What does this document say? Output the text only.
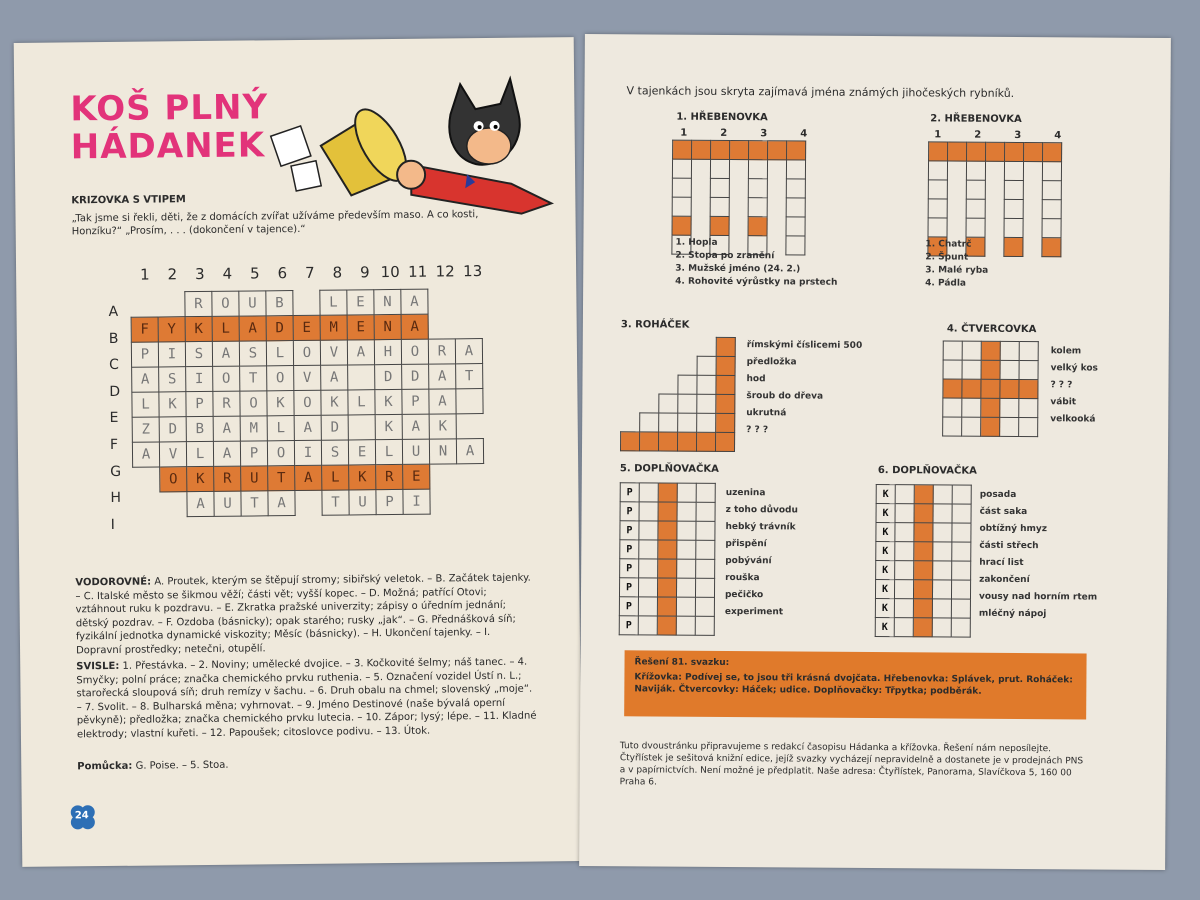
KOŠ PLNÝ
HÁDANEK
KRIZOVKA S VTIPEM
„Tak jsme si řekli, děti, že z domácích zvířat užíváme především maso. A co kosti, Honzíku?“ „Prosím, . . . (dokončení v tajence).“
1 2 3 4 5 6 7 8 9 10 11 12 13
A
B
C
D
E
F
G
H
I
		R	O	U	B		L	E	N	A		
F	Y	K	L	A	D	E	M	E	N	A		
P	I	S	A	S	L	O	V	A	H	O	R	A
A	S	I	O	T	O	V	A		D	D	A	T
L	K	P	R	O	K	O	K	L	K	P	A	
Z	D	B	A	M	L	A	D		K	A	K	
A	V	L	A	P	O	I	S	E	L	U	N	A
	O	K	R	U	T	A	L	K	R	E		
		A	U	T	A		T	U	P	I		
VODOROVNÉ: A. Proutek, kterým se štěpují stromy; sibiřský veletok. – B. Začátek tajenky. – C. Italské město se šikmou věží; části vět; vyšší kopec. – D. Možná; patřící Otovi; vztáhnout ruku k pozdravu. – E. Zkratka pražské univerzity; zápisy o úředním jednání; dětský pozdrav. – F. Ozdoba (básnicky); opak starého; rusky „jak“. – G. Přednášková síň; fyzikální jednotka dynamické viskozity; Měsíc (básnicky). – H. Ukončení tajenky. – I. Dopravní prostředky; netečni, otupělí.
SVISLE: 1. Přestávka. – 2. Noviny; umělecké dvojice. – 3. Kočkovité šelmy; náš tanec. – 4. Smyčky; polní práce; značka chemického prvku ruthenia. – 5. Označení vozidel Ústí n. L.; starořecká sloupová síň; druh remízy v šachu. – 6. Druh obalu na chmel; slovenský „moje“. – 7. Svolit. – 8. Bulharská měna; vyhrnovat. – 9. Jméno Destinové (naše bývalá operní pěvkyně); předložka; značka chemického prvku lutecia. – 10. Zápor; lysý; lépe. – 11. Kladné elektrody; vlastní kuřeti. – 12. Papoušek; citoslovce podivu. – 13. Útok.
Pomůcka: G. Poise. – 5. Stoa.
24
V tajenkách jsou skryta zajímavá jména známých jihočeských rybníků.
1. HŘEBENOVKA
1	2	3	4

1. Hopla
2. Stopa po zranění
3. Mužské jméno (24. 2.)
4. Rohovité výrůstky na prstech
2. HŘEBENOVKA
1	2	3	4

1. Chatrč
2. Špunt
3. Malé ryba
4. Pádla
3. ROHÁČEK

římskými číslicemi 500
předložka
hod
šroub do dřeva
ukrutná
? ? ?
4. ČTVERCOVKA

kolem
velký kos
? ? ?
vábit
velkooká
5. DOPLŇOVAČKA
P				
P				
P				
P				
P				
P				
P				
P				
uzenina
z toho důvodu
hebký trávník
přispění
pobývání
rouška
pečičko
experiment
6. DOPLŇOVAČKA
K				
K				
K				
K				
K				
K				
K				
K				
posada
část saka
obtížný hmyz
části střech
hrací list
zakončení
vousy nad horním rtem
mléčný nápoj
Řešení 81. svazku:
Křížovka: Podívej se, to jsou tři krásná dvojčata. Hřebenovka: Splávek, prut. Roháček: Naviják. Čtvercovky: Háček; udice. Doplňovačky: Třpytka; podběrák.
Tuto dvoustránku připravujeme s redakcí časopisu Hádanka a křížovka. Řešení nám neposílejte. Čtyřlístek je sešitová knižní edice, jejíž svazky vycházejí nepravidelně a dostanete je v prodejnách PNS a v papírnictvích. Není možné je předplatit. Naše adresa: Čtyřlístek, Panorama, Slavíčkova 5, 160 00 Praha 6.
